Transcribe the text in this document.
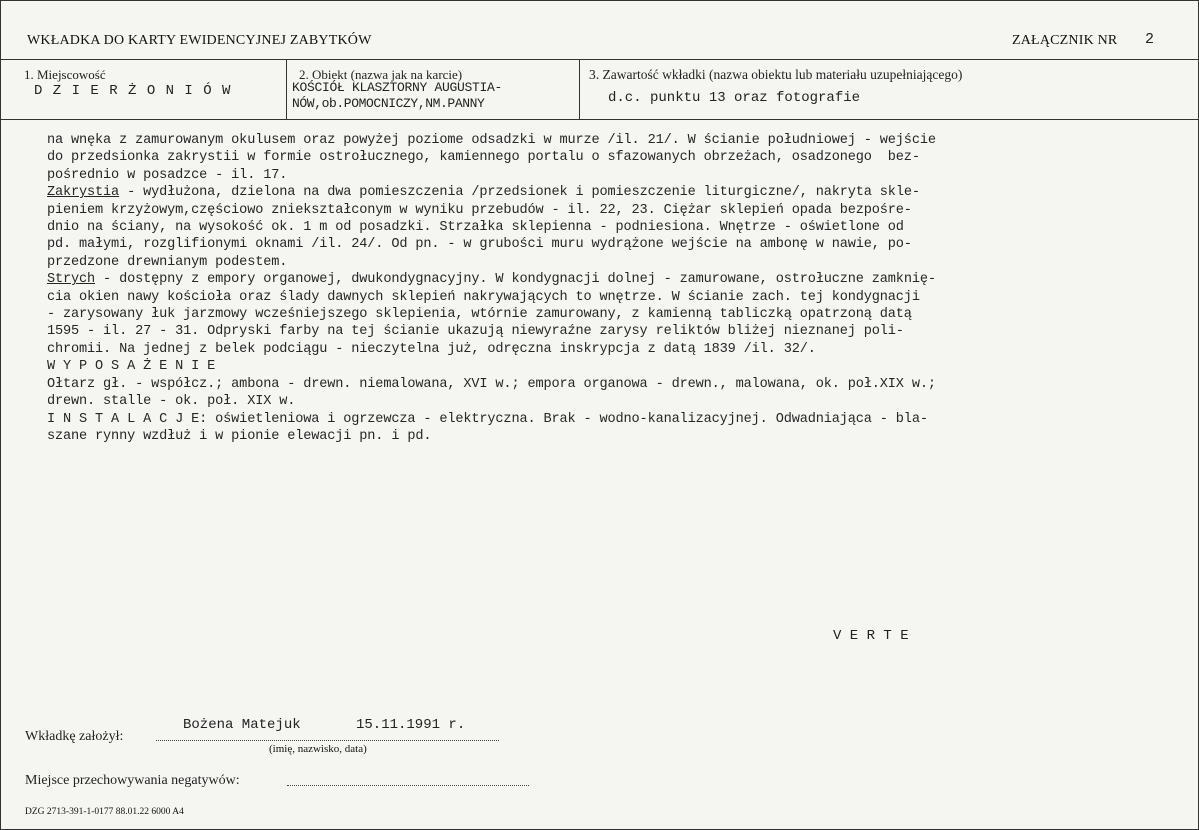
WKŁADKA DO KARTY EWIDENCYJNEJ ZABYTKÓW	ZAŁĄCZNIK NR 2
1. Miejscowość
D Z I E R Ż O N I Ó W
2. Obiekt (nazwa jak na karcie)
KOŚCIÓŁ KLASZTORNY AUGUSTIA-
NÓW,ob.POMOCNICZY,NM.PANNY
3. Zawartość wkładki (nazwa obiektu lub materiału uzupełniającego)
d.c. punktu 13 oraz fotografie
na wnęka z zamurowanym okulusem oraz powyżej poziome odsadzki w murze /il. 21/. W ścianie południowej - wejście
do przedsionka zakrystii w formie ostrołucznego, kamiennego portalu o sfazowanych obrzeżach, osadzonego  bez-
pośrednio w posadzce - il. 17.
Zakrystia - wydłużona, dzielona na dwa pomieszczenia /przedsionek i pomieszczenie liturgiczne/, nakryta skle-
pieniem krzyżowym,częściowo zniekształconym w wyniku przebudów - il. 22, 23. Ciężar sklepień opada bezpośre-
dnio na ściany, na wysokość ok. 1 m od posadzki. Strzałka sklepienna - podniesiona. Wnętrze - oświetlone od
pd. małymi, rozglifionymi oknami /il. 24/. Od pn. - w grubości muru wydrążone wejście na ambonę w nawie, po-
przedzone drewnianym podestem.
Strych - dostępny z empory organowej, dwukondygnacyjny. W kondygnacji dolnej - zamurowane, ostrołuczne zamknię-
cia okien nawy kościoła oraz ślady dawnych sklepień nakrywających to wnętrze. W ścianie zach. tej kondygnacji
- zarysowany łuk jarzmowy wcześniejszego sklepienia, wtórnie zamurowany, z kamienną tabliczką opatrzoną datą
1595 - il. 27 - 31. Odpryski farby na tej ścianie ukazują niewyraźne zarysy reliktów bliżej nieznanej poli-
chromii. Na jednej z belek podciągu - nieczytelna już, odręczna inskrypcja z datą 1839 /il. 32/.
W Y P O S A Ż E N I E
Ołtarz gł. - współcz.; ambona - drewn. niemalowana, XVI w.; empora organowa - drewn., malowana, ok. poł.XIX w.;
drewn. stalle - ok. poł. XIX w.
I N S T A L A C J E: oświetleniowa i ogrzewcza - elektryczna. Brak - wodno-kanalizacyjnej. Odwadniająca - bla-
szane rynny wzdłuż i w pionie elewacji pn. i pd.
V E R T E
Wkładkę założył:
Bożena Matejuk	15.11.1991 r.
(imię, nazwisko, data)
Miejsce przechowywania negatywów:
DZG 2713-391-1-0177 88.01.22 6000 A4
